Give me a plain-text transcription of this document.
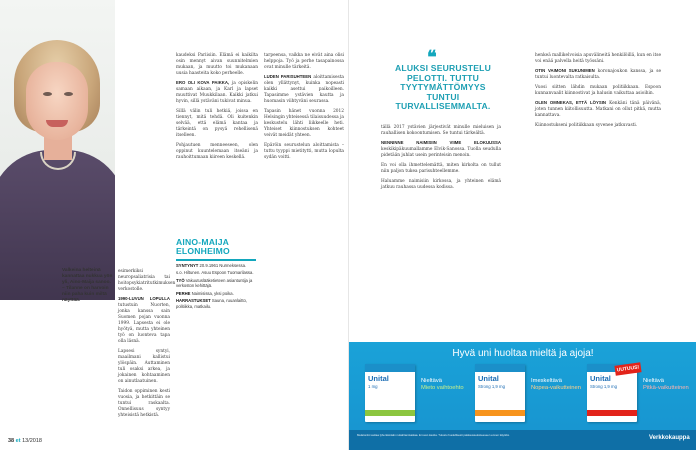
Valkeina helteinä kannattaa nukkua yön yli, Aino-Maija sanoo. – Tilanne on harvoin niin paha kuin miltä näyttää.

esimerkiksi neuropsaliatrisia tai hoitopsykiatritutkimuksen verkostolle.

1990-LUVUN LOPULLA tutustuin Nuorten, jonka kanssa sain Suomen pojan vuonna 1999. Lapsesta ei ole hyötyä, mutta yhteinen työ on luonteva tapa olla läsnä.

Lapsesi syntyi, maailmani kallistui ylöspäin. Auttaminen tuli osaksi arkea, ja jokainen kohtaaminen on ainutlaatuinen.

Taidon oppiminen kesti vuosia, ja hetkittäin se tuntui raskaalta. Onnellisuus syntyy yhteisistä hetkistä.

kaudeksi Pariisiin. Elämä ei kaikilta osin mennyt aivan suunnitelmien mukaan, ja muutto toi mukanaan uusia haasteita koko perheelle.

ERO OLI KOVA PAIKKA, ja opiskelin samaan aikaan, ja Karl ja lapset muuttivat Muukkilaan. Kaikki jatkui hyvin, sillä ystäväni tukivat minua.

Sillä välin tuli hetkiä, joissa en tiennyt, mitä tehdä. Oli kuitenkin selvää, että elämä kantaa ja tärkeintä on pysyä rehellisenä itselleen.

Pohjautuen menneeseen, olen oppinut kuuntelemaan itseäni ja rauhoittumaan kiireen keskellä.

AINO-MAIJA ELONHEIMO
SYNTYNYT 20.9.1961 Nurmeksessa.
s.o. Hiltunen. Asuu Espoon Tuomarilassa.
TYÖ Vakuutuslääketieteen asiantuntija ja verkoston kehittäjä.
PERHE Naimisissa, yksi poika.
HARRASTUKSET Sauna, ruuanlaitto, politiikka, matkailu.

tarpeensa, vaikka ne eivät aina olisi helppoja. Työ ja perhe tasapainossa ovat minulle tärkeitä.

LUDEN PARISUHTEEN aloittamisesta olen yllättynyt, kuinka nopeasti kaikki asettui paikoilleen. Tapasimme ystävien kautta ja huomasin viihtyväni seurassa.

Tapasin hänet vuonna 2012 Helsingin yhteisessä tilaisuudessa ja keskustelu lähti liikkeelle heti. Yhteiset kiinnostuksen kohteet veivät meidät yhteen.

Epäröin seurustelun aloittamista – tuttu tyyppi mietitytti, mutta lopulta sydän voitti.

38 et 13/2018
❝
ALUKSI SEURUSTELU PELOTTI. TUTTU TYYTYMÄTTÖMYYS TUNTUI TURVALLISEMMALTA.

tällä 2017 ystävien järjestivät minulle mieluisen ja rauhallisen kokoontumisen. Se tuntui tärkeältä.

NENNINNE NAIMISIIN VIIME ELOKUUSSA keskikipäkuumallamme Elvik-Sanossa. Tuolla seudulla pidetään juhlat usein perinteisin menoin.

En voi olla ihmettelemättä, miten kirkolta on tullut niin paljon tukea parisuhteellemme.

Haluamme naimisiin kirkossa, ja yhteinen elämä jatkuu rauhassa uudessa kodissa.

henkeä mallikelvoisia apuvälineitä henkilöillä, kun en itse voi enää palvella heitä työssäni.

OTIN VAIMONI SUKUNIMEN koronajoukon kanssa, ja se tuntui luontevalta ratkaisulta.

Vuosi siitten lähdin mukaan politiikkaan. Espoon kunnanvaalit kiinnostivat ja halusin vaikuttaa asioihin.

OLEN OMNEKAS, ETTÄ LÖYSIN Kenkäni tänä päivänä, joten tunnen kiitollisuutta. Matkani on ollut pitkä, mutta kannattava.

Kiinnostukseni politiikkaan syvenee jatkuvasti.

Hyvä uni huoltaa mieltä ja ajoja!
Unital
1 mg
Nieltävä
Mieto vaihtoehto
Unital
Strong 1,9 mg
Imeskeltävä
Nopea-vaikutteinen
Unital
Strong 1,9 mg
UUTUUS!
Nieltävä
Pitkä-vaikutteinen
Melatoniini auttaa lyhentämään nukahtamisaikaa. Ei suun kautta. Tutustu huolellisesti pakkausselosteeseen ennen käyttöä.	Verkkokauppa
